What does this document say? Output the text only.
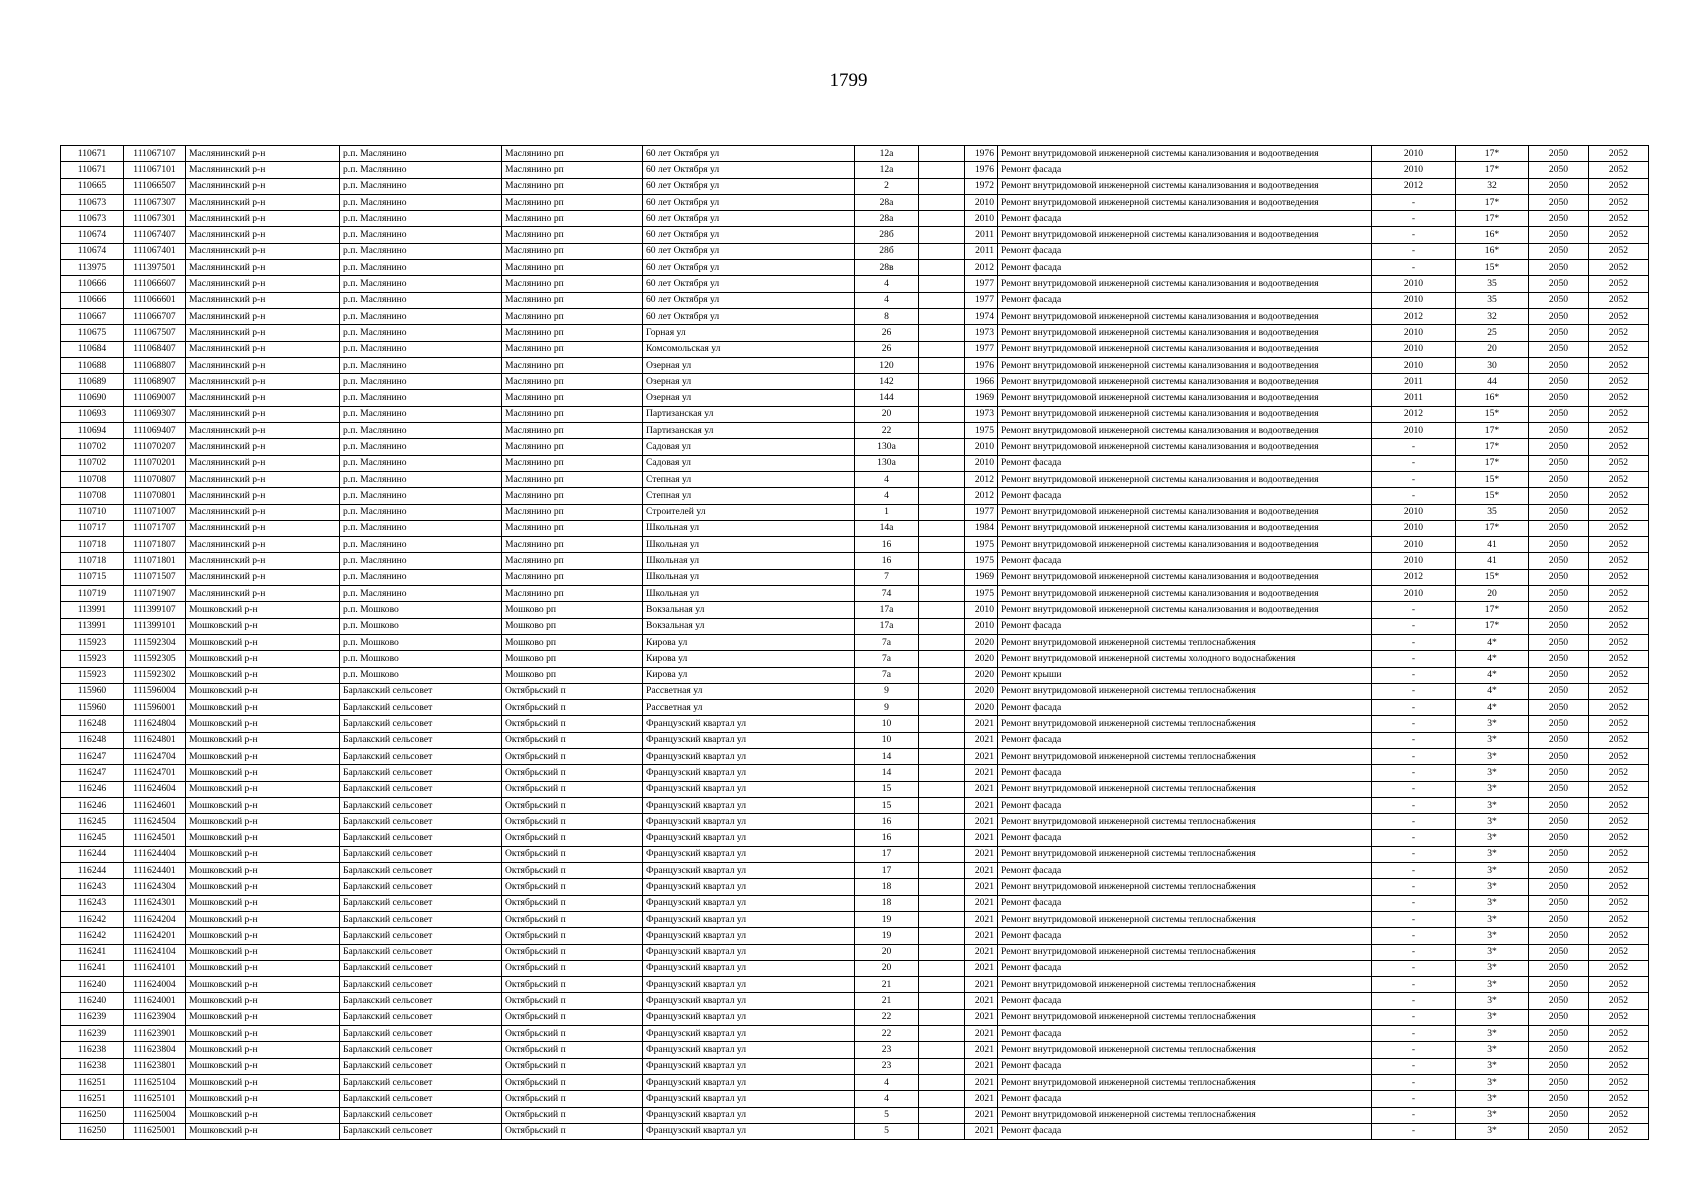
1799
110671	111067107	Маслянинский р-н	р.п. Маслянино	Маслянино рп	60 лет Октября ул	12а		1976	Ремонт внутридомовой инженерной системы канализования и водоотведения	2010	17*	2050	2052
110671	111067101	Маслянинский р-н	р.п. Маслянино	Маслянино рп	60 лет Октября ул	12а		1976	Ремонт фасада	2010	17*	2050	2052
110665	111066507	Маслянинский р-н	р.п. Маслянино	Маслянино рп	60 лет Октября ул	2		1972	Ремонт внутридомовой инженерной системы канализования и водоотведения	2012	32	2050	2052
110673	111067307	Маслянинский р-н	р.п. Маслянино	Маслянино рп	60 лет Октября ул	28а		2010	Ремонт внутридомовой инженерной системы канализования и водоотведения	-	17*	2050	2052
110673	111067301	Маслянинский р-н	р.п. Маслянино	Маслянино рп	60 лет Октября ул	28а		2010	Ремонт фасада	-	17*	2050	2052
110674	111067407	Маслянинский р-н	р.п. Маслянино	Маслянино рп	60 лет Октября ул	28б		2011	Ремонт внутридомовой инженерной системы канализования и водоотведения	-	16*	2050	2052
110674	111067401	Маслянинский р-н	р.п. Маслянино	Маслянино рп	60 лет Октября ул	28б		2011	Ремонт фасада	-	16*	2050	2052
113975	111397501	Маслянинский р-н	р.п. Маслянино	Маслянино рп	60 лет Октября ул	28в		2012	Ремонт фасада	-	15*	2050	2052
110666	111066607	Маслянинский р-н	р.п. Маслянино	Маслянино рп	60 лет Октября ул	4		1977	Ремонт внутридомовой инженерной системы канализования и водоотведения	2010	35	2050	2052
110666	111066601	Маслянинский р-н	р.п. Маслянино	Маслянино рп	60 лет Октября ул	4		1977	Ремонт фасада	2010	35	2050	2052
110667	111066707	Маслянинский р-н	р.п. Маслянино	Маслянино рп	60 лет Октября ул	8		1974	Ремонт внутридомовой инженерной системы канализования и водоотведения	2012	32	2050	2052
110675	111067507	Маслянинский р-н	р.п. Маслянино	Маслянино рп	Горная ул	26		1973	Ремонт внутридомовой инженерной системы канализования и водоотведения	2010	25	2050	2052
110684	111068407	Маслянинский р-н	р.п. Маслянино	Маслянино рп	Комсомольская ул	26		1977	Ремонт внутридомовой инженерной системы канализования и водоотведения	2010	20	2050	2052
110688	111068807	Маслянинский р-н	р.п. Маслянино	Маслянино рп	Озерная ул	120		1976	Ремонт внутридомовой инженерной системы канализования и водоотведения	2010	30	2050	2052
110689	111068907	Маслянинский р-н	р.п. Маслянино	Маслянино рп	Озерная ул	142		1966	Ремонт внутридомовой инженерной системы канализования и водоотведения	2011	44	2050	2052
110690	111069007	Маслянинский р-н	р.п. Маслянино	Маслянино рп	Озерная ул	144		1969	Ремонт внутридомовой инженерной системы канализования и водоотведения	2011	16*	2050	2052
110693	111069307	Маслянинский р-н	р.п. Маслянино	Маслянино рп	Партизанская ул	20		1973	Ремонт внутридомовой инженерной системы канализования и водоотведения	2012	15*	2050	2052
110694	111069407	Маслянинский р-н	р.п. Маслянино	Маслянино рп	Партизанская ул	22		1975	Ремонт внутридомовой инженерной системы канализования и водоотведения	2010	17*	2050	2052
110702	111070207	Маслянинский р-н	р.п. Маслянино	Маслянино рп	Садовая ул	130а		2010	Ремонт внутридомовой инженерной системы канализования и водоотведения	-	17*	2050	2052
110702	111070201	Маслянинский р-н	р.п. Маслянино	Маслянино рп	Садовая ул	130а		2010	Ремонт фасада	-	17*	2050	2052
110708	111070807	Маслянинский р-н	р.п. Маслянино	Маслянино рп	Степная ул	4		2012	Ремонт внутридомовой инженерной системы канализования и водоотведения	-	15*	2050	2052
110708	111070801	Маслянинский р-н	р.п. Маслянино	Маслянино рп	Степная ул	4		2012	Ремонт фасада	-	15*	2050	2052
110710	111071007	Маслянинский р-н	р.п. Маслянино	Маслянино рп	Строителей ул	1		1977	Ремонт внутридомовой инженерной системы канализования и водоотведения	2010	35	2050	2052
110717	111071707	Маслянинский р-н	р.п. Маслянино	Маслянино рп	Школьная ул	14а		1984	Ремонт внутридомовой инженерной системы канализования и водоотведения	2010	17*	2050	2052
110718	111071807	Маслянинский р-н	р.п. Маслянино	Маслянино рп	Школьная ул	16		1975	Ремонт внутридомовой инженерной системы канализования и водоотведения	2010	41	2050	2052
110718	111071801	Маслянинский р-н	р.п. Маслянино	Маслянино рп	Школьная ул	16		1975	Ремонт фасада	2010	41	2050	2052
110715	111071507	Маслянинский р-н	р.п. Маслянино	Маслянино рп	Школьная ул	7		1969	Ремонт внутридомовой инженерной системы канализования и водоотведения	2012	15*	2050	2052
110719	111071907	Маслянинский р-н	р.п. Маслянино	Маслянино рп	Школьная ул	74		1975	Ремонт внутридомовой инженерной системы канализования и водоотведения	2010	20	2050	2052
113991	111399107	Мошковский р-н	р.п. Мошково	Мошково рп	Вокзальная ул	17а		2010	Ремонт внутридомовой инженерной системы канализования и водоотведения	-	17*	2050	2052
113991	111399101	Мошковский р-н	р.п. Мошково	Мошково рп	Вокзальная ул	17а		2010	Ремонт фасада	-	17*	2050	2052
115923	111592304	Мошковский р-н	р.п. Мошково	Мошково рп	Кирова ул	7а		2020	Ремонт внутридомовой инженерной системы теплоснабжения	-	4*	2050	2052
115923	111592305	Мошковский р-н	р.п. Мошково	Мошково рп	Кирова ул	7а		2020	Ремонт внутридомовой инженерной системы холодного водоснабжения	-	4*	2050	2052
115923	111592302	Мошковский р-н	р.п. Мошково	Мошково рп	Кирова ул	7а		2020	Ремонт крыши	-	4*	2050	2052
115960	111596004	Мошковский р-н	Барлакский сельсовет	Октябрьский п	Рассветная ул	9		2020	Ремонт внутридомовой инженерной системы теплоснабжения	-	4*	2050	2052
115960	111596001	Мошковский р-н	Барлакский сельсовет	Октябрьский п	Рассветная ул	9		2020	Ремонт фасада	-	4*	2050	2052
116248	111624804	Мошковский р-н	Барлакский сельсовет	Октябрьский п	Французский квартал ул	10		2021	Ремонт внутридомовой инженерной системы теплоснабжения	-	3*	2050	2052
116248	111624801	Мошковский р-н	Барлакский сельсовет	Октябрьский п	Французский квартал ул	10		2021	Ремонт фасада	-	3*	2050	2052
116247	111624704	Мошковский р-н	Барлакский сельсовет	Октябрьский п	Французский квартал ул	14		2021	Ремонт внутридомовой инженерной системы теплоснабжения	-	3*	2050	2052
116247	111624701	Мошковский р-н	Барлакский сельсовет	Октябрьский п	Французский квартал ул	14		2021	Ремонт фасада	-	3*	2050	2052
116246	111624604	Мошковский р-н	Барлакский сельсовет	Октябрьский п	Французский квартал ул	15		2021	Ремонт внутридомовой инженерной системы теплоснабжения	-	3*	2050	2052
116246	111624601	Мошковский р-н	Барлакский сельсовет	Октябрьский п	Французский квартал ул	15		2021	Ремонт фасада	-	3*	2050	2052
116245	111624504	Мошковский р-н	Барлакский сельсовет	Октябрьский п	Французский квартал ул	16		2021	Ремонт внутридомовой инженерной системы теплоснабжения	-	3*	2050	2052
116245	111624501	Мошковский р-н	Барлакский сельсовет	Октябрьский п	Французский квартал ул	16		2021	Ремонт фасада	-	3*	2050	2052
116244	111624404	Мошковский р-н	Барлакский сельсовет	Октябрьский п	Французский квартал ул	17		2021	Ремонт внутридомовой инженерной системы теплоснабжения	-	3*	2050	2052
116244	111624401	Мошковский р-н	Барлакский сельсовет	Октябрьский п	Французский квартал ул	17		2021	Ремонт фасада	-	3*	2050	2052
116243	111624304	Мошковский р-н	Барлакский сельсовет	Октябрьский п	Французский квартал ул	18		2021	Ремонт внутридомовой инженерной системы теплоснабжения	-	3*	2050	2052
116243	111624301	Мошковский р-н	Барлакский сельсовет	Октябрьский п	Французский квартал ул	18		2021	Ремонт фасада	-	3*	2050	2052
116242	111624204	Мошковский р-н	Барлакский сельсовет	Октябрьский п	Французский квартал ул	19		2021	Ремонт внутридомовой инженерной системы теплоснабжения	-	3*	2050	2052
116242	111624201	Мошковский р-н	Барлакский сельсовет	Октябрьский п	Французский квартал ул	19		2021	Ремонт фасада	-	3*	2050	2052
116241	111624104	Мошковский р-н	Барлакский сельсовет	Октябрьский п	Французский квартал ул	20		2021	Ремонт внутридомовой инженерной системы теплоснабжения	-	3*	2050	2052
116241	111624101	Мошковский р-н	Барлакский сельсовет	Октябрьский п	Французский квартал ул	20		2021	Ремонт фасада	-	3*	2050	2052
116240	111624004	Мошковский р-н	Барлакский сельсовет	Октябрьский п	Французский квартал ул	21		2021	Ремонт внутридомовой инженерной системы теплоснабжения	-	3*	2050	2052
116240	111624001	Мошковский р-н	Барлакский сельсовет	Октябрьский п	Французский квартал ул	21		2021	Ремонт фасада	-	3*	2050	2052
116239	111623904	Мошковский р-н	Барлакский сельсовет	Октябрьский п	Французский квартал ул	22		2021	Ремонт внутридомовой инженерной системы теплоснабжения	-	3*	2050	2052
116239	111623901	Мошковский р-н	Барлакский сельсовет	Октябрьский п	Французский квартал ул	22		2021	Ремонт фасада	-	3*	2050	2052
116238	111623804	Мошковский р-н	Барлакский сельсовет	Октябрьский п	Французский квартал ул	23		2021	Ремонт внутридомовой инженерной системы теплоснабжения	-	3*	2050	2052
116238	111623801	Мошковский р-н	Барлакский сельсовет	Октябрьский п	Французский квартал ул	23		2021	Ремонт фасада	-	3*	2050	2052
116251	111625104	Мошковский р-н	Барлакский сельсовет	Октябрьский п	Французский квартал ул	4		2021	Ремонт внутридомовой инженерной системы теплоснабжения	-	3*	2050	2052
116251	111625101	Мошковский р-н	Барлакский сельсовет	Октябрьский п	Французский квартал ул	4		2021	Ремонт фасада	-	3*	2050	2052
116250	111625004	Мошковский р-н	Барлакский сельсовет	Октябрьский п	Французский квартал ул	5		2021	Ремонт внутридомовой инженерной системы теплоснабжения	-	3*	2050	2052
116250	111625001	Мошковский р-н	Барлакский сельсовет	Октябрьский п	Французский квартал ул	5		2021	Ремонт фасада	-	3*	2050	2052
